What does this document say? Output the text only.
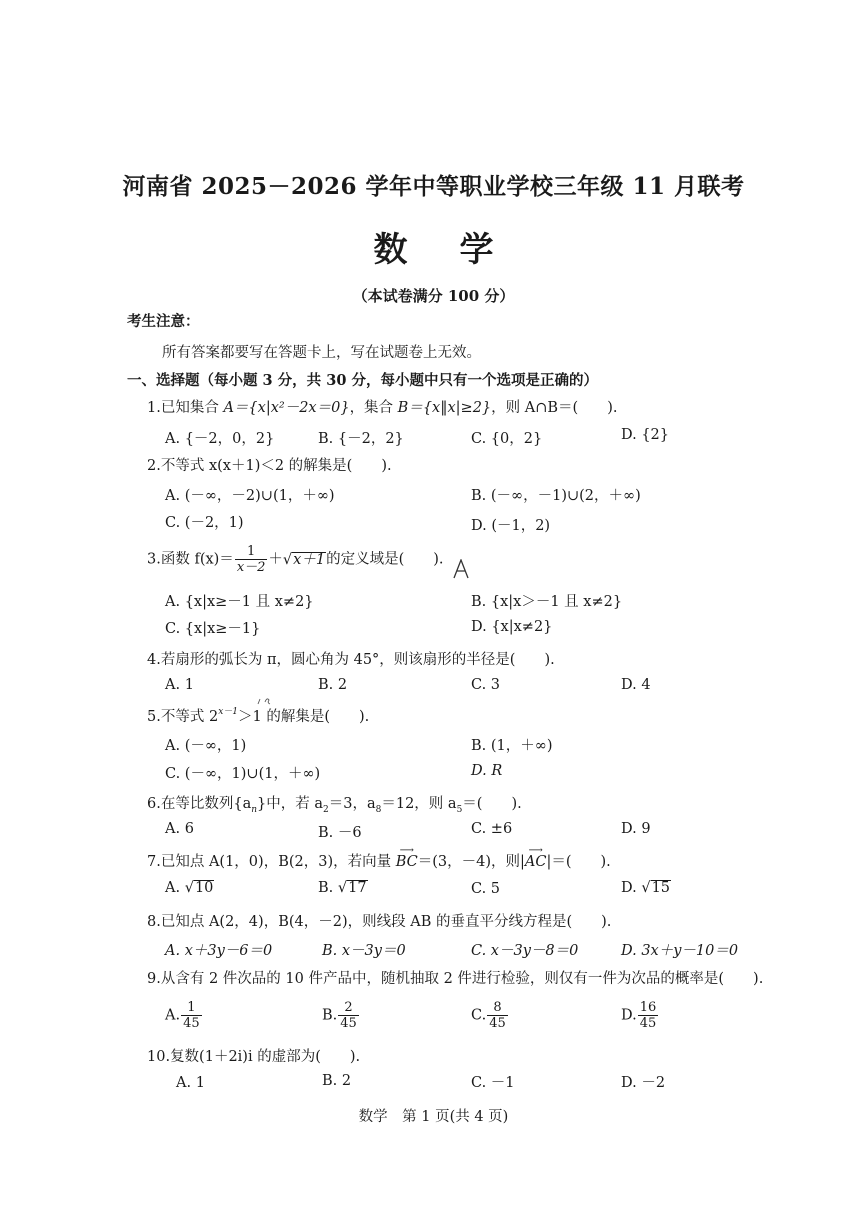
河南省 2025－2026 学年中等职业学校三年级 11 月联考
数学
（本试卷满分 100 分）
考生注意：
所有答案都要写在答题卡上，写在试题卷上无效。
一、选择题（每小题 3 分，共 30 分，每小题中只有一个选项是正确的）
1.已知集合 A＝{x|x²－2x＝0}，集合 B＝{x‖x|≥2}，则 A∩B＝(　　).
A. {－2，0，2}	B. {－2，2}	C. {0，2}	D. {2}
2.不等式 x(x＋1)＜2 的解集是(　　).
A. (－∞，－2)∪(1，＋∞)	B. (－∞，－1)∪(2，＋∞)
C. (－2，1)	D. (－1，2)
3.函数 $f(x)= \frac{1}{x-2} +√x+1$的定义域是(　　).
A. {x|x≥－1 且 x≠2}	B. {x|x＞－1 且 x≠2}
C. {x|x≥－1}	D. {x|x≠2}
4.若扇形的弧长为 π，圆心角为 45°，则该扇形的半径是(　　).
A. 1	B. 2	C. 3	D. 4
5.不等式 $2^{x-1}>1$ 的解集是(　　).
A. (－∞，1)	B. (1，＋∞)
C. (－∞，1)∪(1，＋∞)	D. R
6.在等比数列$\{a_n\}$中，若 $a_2=3$，$a_8=12$，则 $a_5=$(　　).
A. 6	B. －6	C. ±6	D. 9
7.已知点 A(1，0)，B(2，3)，若向量
⟶
BC＝(3，－4)，则|
⟶
AC|＝(　　).
A. √10	B. √17	C. 5	D. √15
8.已知点 A(2，4)，B(4，－2)，则线段 AB 的垂直平分线方程是(　　).
A. x＋3y－6＝0	B. x－3y＝0	C. x－3y－8＝0	D. 3x＋y－10＝0
9.从含有 2 件次品的 10 件产品中，随机抽取 2 件进行检验，则仅有一件为次品的概率是(　　).
A. $\frac{1}{45}$	B. $\frac{2}{45}$	C. $\frac{8}{45}$	D. $\frac{16}{45}$
10.复数(1＋2i)i 的虚部为(　　).
A. 1	B. 2	C. －1	D. －2
数学　第 1 页(共 4 页)
